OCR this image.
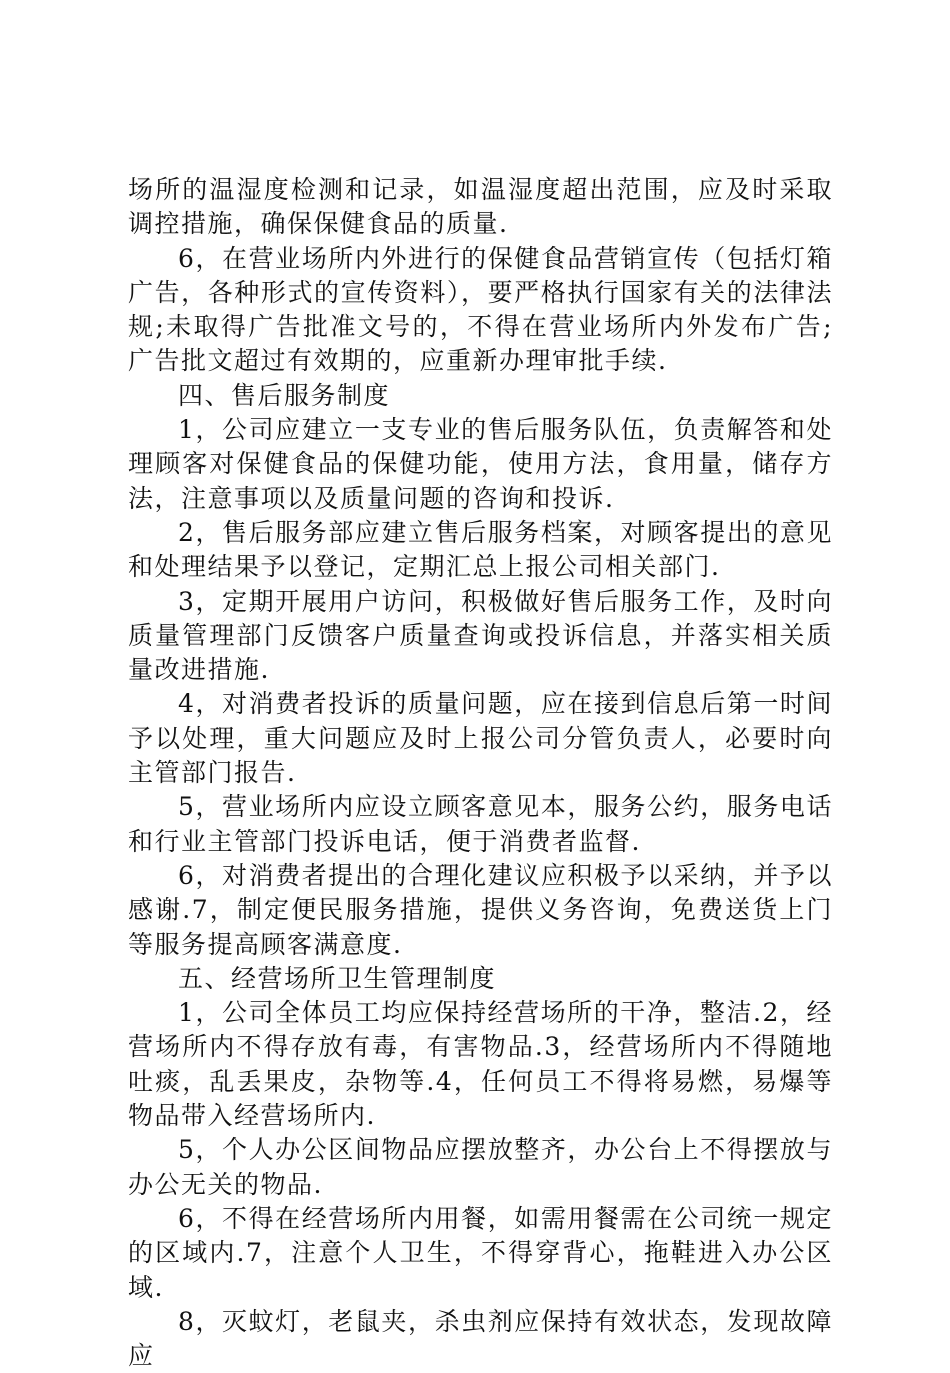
场所的温湿度检测和记录，如温湿度超出范围，应及时采取调控措施，确保保健食品的质量.

6，在营业场所内外进行的保健食品营销宣传（包括灯箱广告，各种形式的宣传资料），要严格执行国家有关的法律法规;未取得广告批准文号的，不得在营业场所内外发布广告;广告批文超过有效期的，应重新办理审批手续.

四、售后服务制度

1，公司应建立一支专业的售后服务队伍，负责解答和处理顾客对保健食品的保健功能，使用方法，食用量，储存方法，注意事项以及质量问题的咨询和投诉.

2，售后服务部应建立售后服务档案，对顾客提出的意见和处理结果予以登记，定期汇总上报公司相关部门.

3，定期开展用户访问，积极做好售后服务工作，及时向质量管理部门反馈客户质量查询或投诉信息，并落实相关质量改进措施.

4，对消费者投诉的质量问题，应在接到信息后第一时间予以处理，重大问题应及时上报公司分管负责人，必要时向主管部门报告.

5，营业场所内应设立顾客意见本，服务公约，服务电话和行业主管部门投诉电话，便于消费者监督.

6，对消费者提出的合理化建议应积极予以采纳，并予以感谢.7，制定便民服务措施，提供义务咨询，免费送货上门等服务提高顾客满意度.

五、经营场所卫生管理制度

1，公司全体员工均应保持经营场所的干净，整洁.2，经营场所内不得存放有毒，有害物品.3，经营场所内不得随地吐痰，乱丢果皮，杂物等.4，任何员工不得将易燃，易爆等物品带入经营场所内.

5，个人办公区间物品应摆放整齐，办公台上不得摆放与办公无关的物品.

6，不得在经营场所内用餐，如需用餐需在公司统一规定的区域内.7，注意个人卫生，不得穿背心，拖鞋进入办公区域.

8，灭蚊灯，老鼠夹，杀虫剂应保持有效状态，发现故障应
